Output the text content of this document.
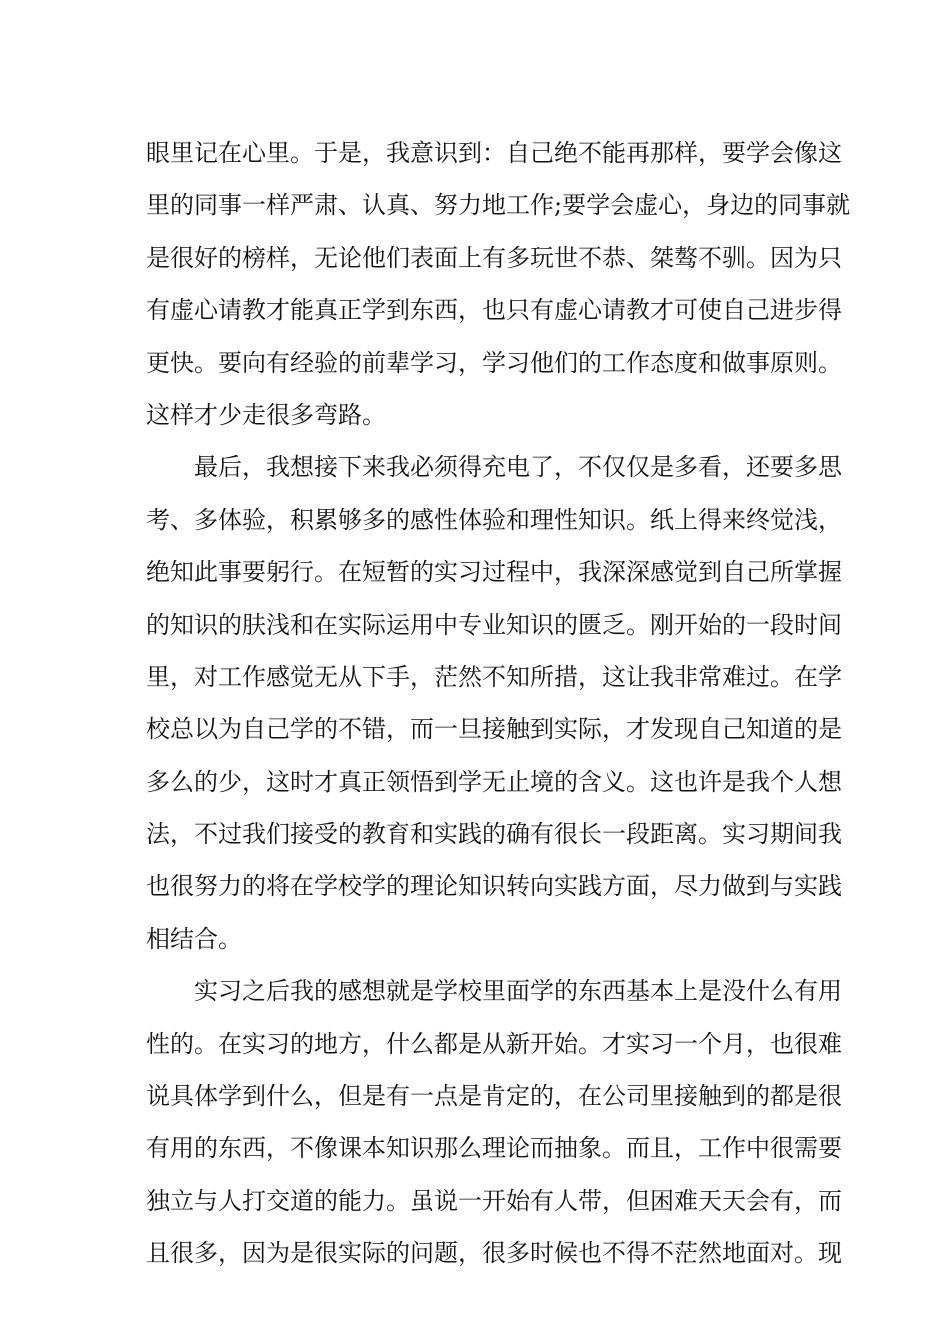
眼里记在心里。于是，我意识到：自己绝不能再那样，要学会像这
里的同事一样严肃、认真、努力地工作;要学会虚心，身边的同事就
是很好的榜样，无论他们表面上有多玩世不恭、桀骜不驯。因为只
有虚心请教才能真正学到东西，也只有虚心请教才可使自己进步得
更快。要向有经验的前辈学习，学习他们的工作态度和做事原则。
这样才少走很多弯路。
最后，我想接下来我必须得充电了，不仅仅是多看，还要多思
考、多体验，积累够多的感性体验和理性知识。纸上得来终觉浅，
绝知此事要躬行。在短暂的实习过程中，我深深感觉到自己所掌握
的知识的肤浅和在实际运用中专业知识的匮乏。刚开始的一段时间
里，对工作感觉无从下手，茫然不知所措，这让我非常难过。在学
校总以为自己学的不错，而一旦接触到实际，才发现自己知道的是
多么的少，这时才真正领悟到学无止境的含义。这也许是我个人想
法，不过我们接受的教育和实践的确有很长一段距离。实习期间我
也很努力的将在学校学的理论知识转向实践方面，尽力做到与实践
相结合。
实习之后我的感想就是学校里面学的东西基本上是没什么有用
性的。在实习的地方，什么都是从新开始。才实习一个月，也很难
说具体学到什么，但是有一点是肯定的，在公司里接触到的都是很
有用的东西，不像课本知识那么理论而抽象。而且，工作中很需要
独立与人打交道的能力。虽说一开始有人带，但困难天天会有，而
且很多，因为是很实际的问题，很多时候也不得不茫然地面对。现
